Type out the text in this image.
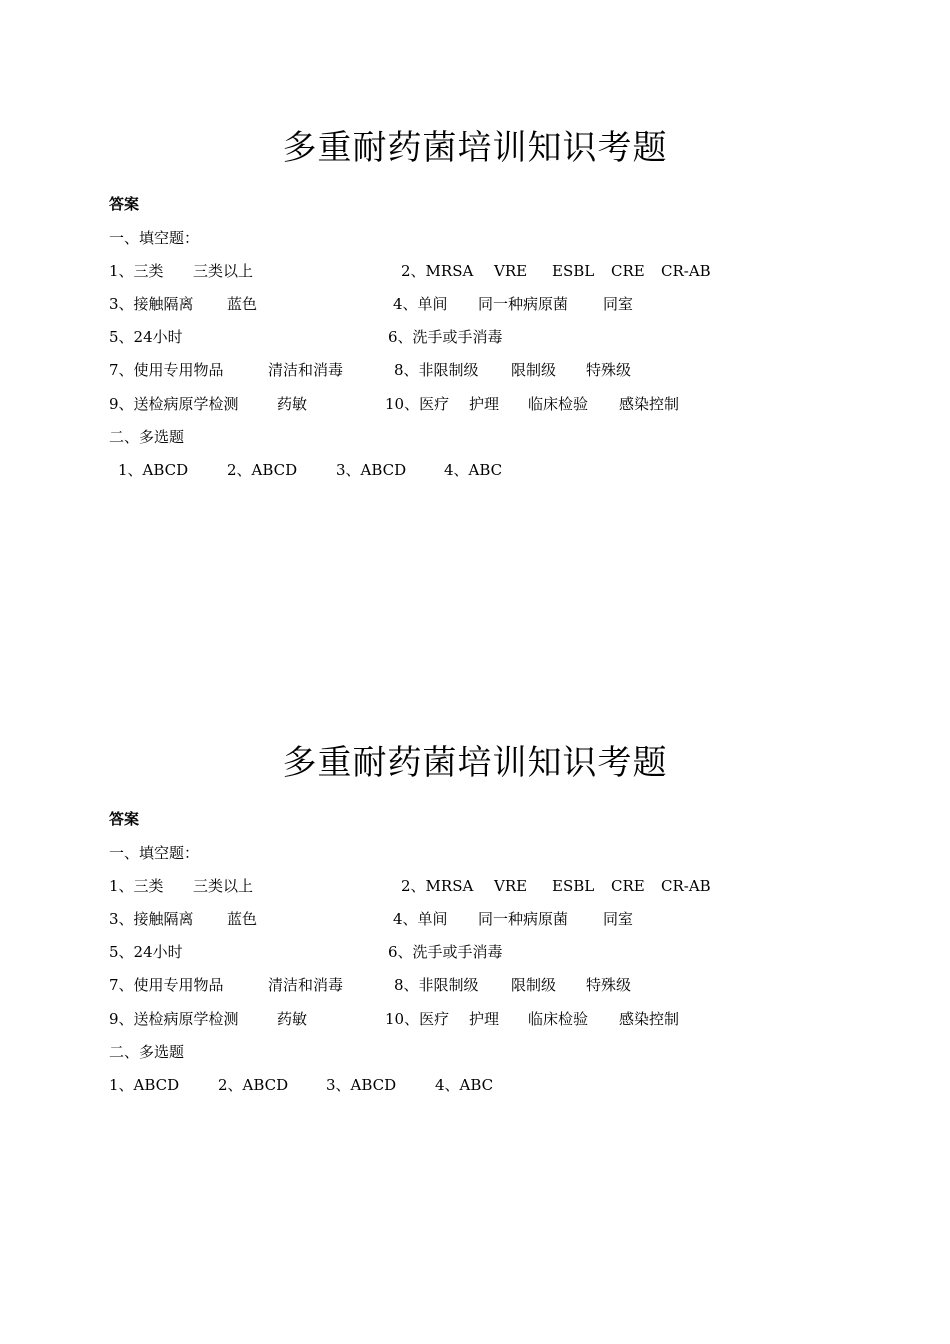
多重耐药菌培训知识考题
答案
一、填空题：
1、三类 三类以上	2、MRSA VRE ESBL CRE CR-AB
3、接触隔离 蓝色	4、单间 同一种病原菌 同室
5、24小时	6、洗手或手消毒
7、使用专用物品	清洁和消毒	8、非限制级 限制级 特殊级
9、送检病原学检测	药敏	10、医疗 护理 临床检验 感染控制
二、多选题
1、ABCD	2、ABCD	3、ABCD	4、ABC
多重耐药菌培训知识考题
答案
一、填空题：
1、三类 三类以上	2、MRSA VRE ESBL CRE CR-AB
3、接触隔离 蓝色	4、单间 同一种病原菌 同室
5、24小时	6、洗手或手消毒
7、使用专用物品	清洁和消毒	8、非限制级 限制级 特殊级
9、送检病原学检测	药敏	10、医疗 护理 临床检验 感染控制
二、多选题
1、ABCD	2、ABCD	3、ABCD	4、ABC
